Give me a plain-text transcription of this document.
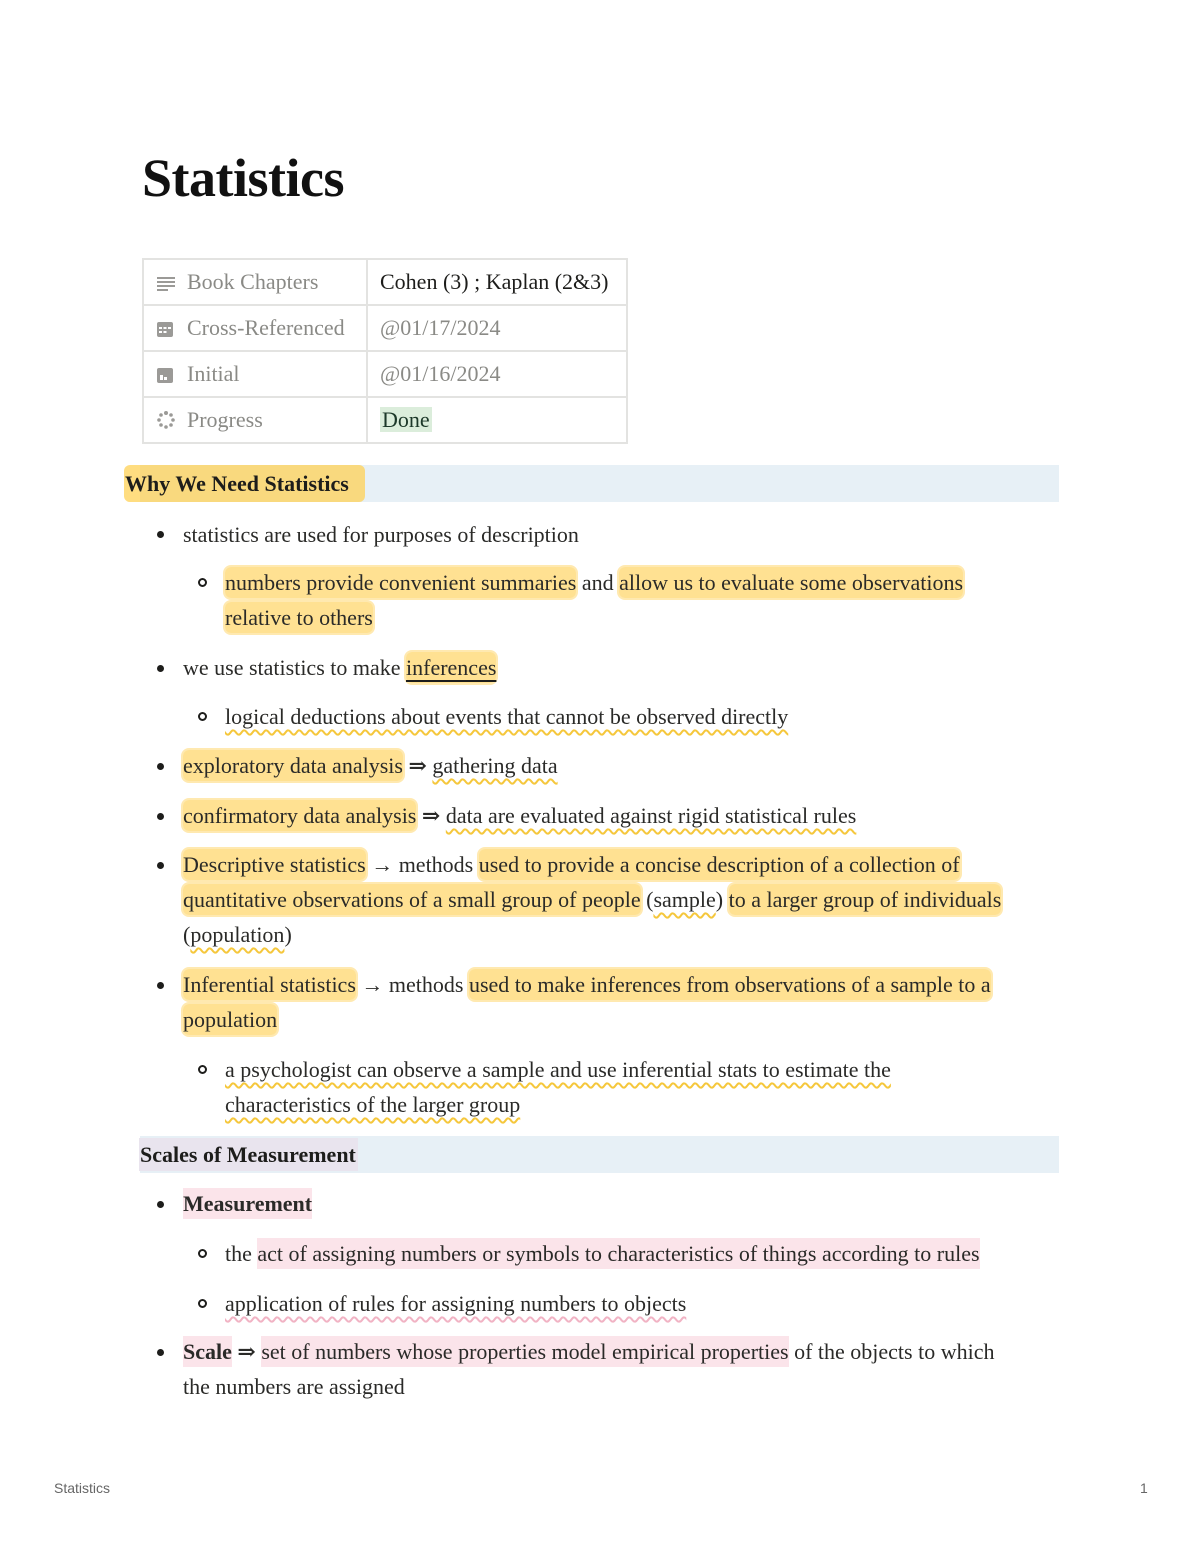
Statistics
Book Chapters	Cohen (3) ; Kaplan (2&3)

Cross-Referenced	@01/17/2024

Initial	@01/16/2024

Progress	Done
Why We Need Statistics
statistics are used for purposes of description
numbers provide convenient summaries and allow us to evaluate some observations
relative to others
we use statistics to make inferences
logical deductions about events that cannot be observed directly
exploratory data analysis ⇒ gathering data
confirmatory data analysis ⇒ data are evaluated against rigid statistical rules
Descriptive statistics → methods used to provide a concise description of a collection of
quantitative observations of a small group of people (sample) to a larger group of individuals
(population)
Inferential statistics → methods used to make inferences from observations of a sample to a
population
a psychologist can observe a sample and use inferential stats to estimate the
characteristics of the larger group
Scales of Measurement
Measurement
the act of assigning numbers or symbols to characteristics of things according to rules
application of rules for assigning numbers to objects
Scale ⇒ set of numbers whose properties model empirical properties of the objects to which
the numbers are assigned
Statistics	1
